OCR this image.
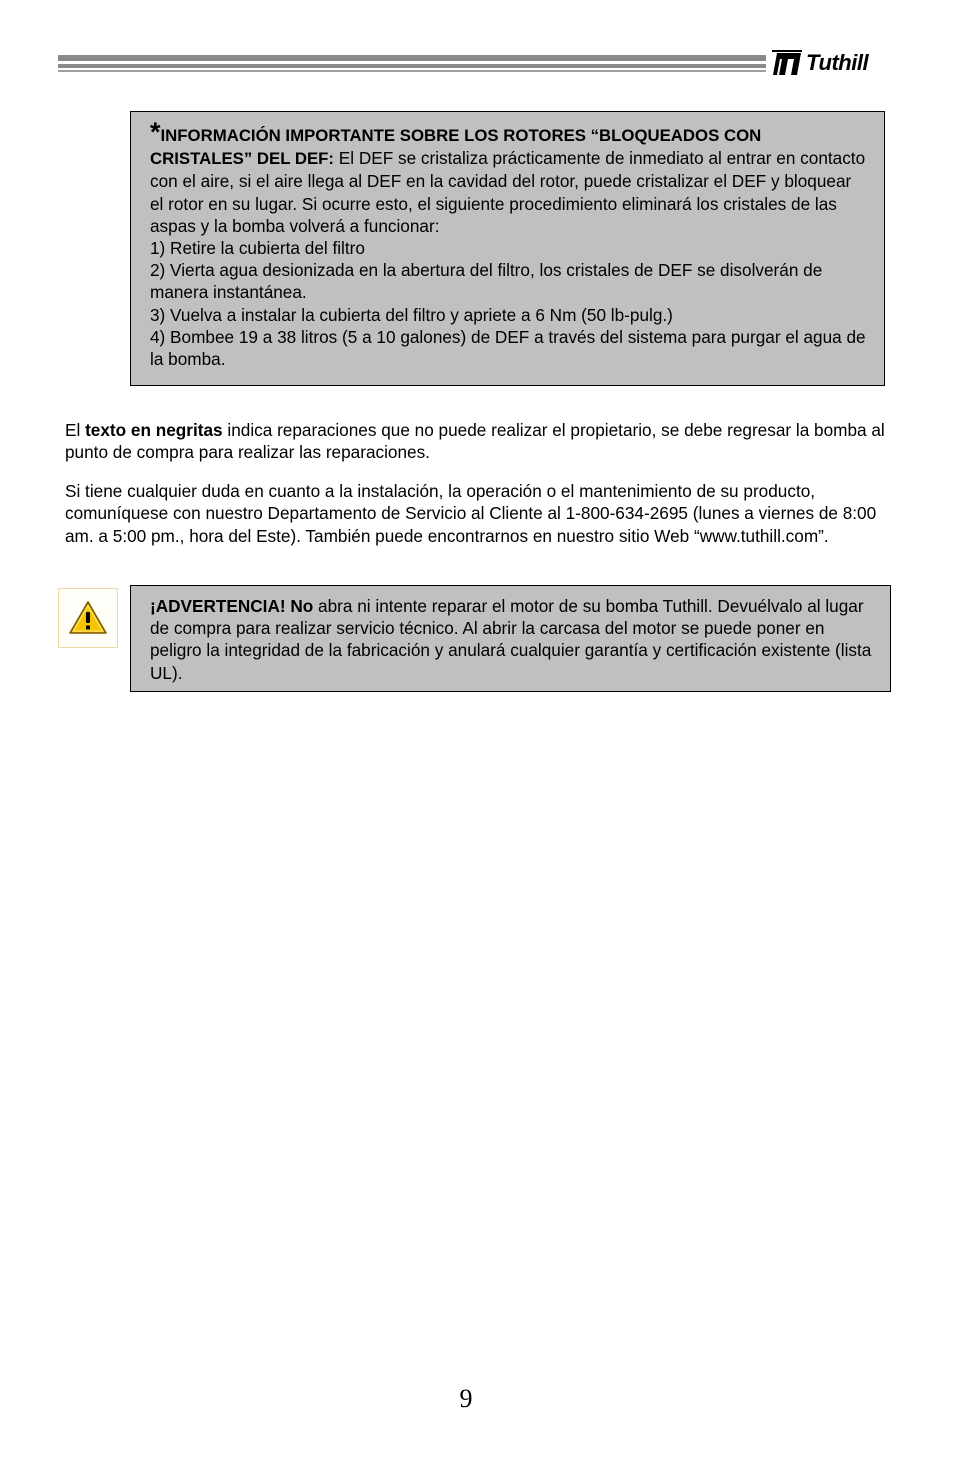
Tuthill
*INFORMACIÓN IMPORTANTE SOBRE LOS ROTORES “BLOQUEADOS CON CRISTALES” DEL DEF: El DEF se cristaliza prácticamente de inmediato al entrar en contacto con el aire, si el aire llega al DEF en la cavidad del rotor, puede cristalizar el DEF y bloquear el rotor en su lugar. Si ocurre esto, el siguiente procedimiento eliminará los cristales de las aspas y la bomba volverá a funcionar:
1) Retire la cubierta del filtro
2) Vierta agua desionizada en la abertura del filtro, los cristales de DEF se disolverán de manera instantánea.
3) Vuelva a instalar la cubierta del filtro y apriete a 6 Nm (50 lb-pulg.)
4) Bombee 19 a 38 litros (5 a 10 galones) de DEF a través del sistema para purgar el agua de la bomba.

El texto en negritas indica reparaciones que no puede realizar el propietario, se debe regresar la bomba al punto de compra para realizar las reparaciones.

Si tiene cualquier duda en cuanto a la instalación, la operación o el mantenimiento de su producto, comuníquese con nuestro Departamento de Servicio al Cliente al 1-800-634-2695 (lunes a viernes de 8:00 am. a 5:00 pm., hora del Este). También puede encontrarnos en nuestro sitio Web “www.tuthill.com”.

¡ADVERTENCIA! No abra ni intente reparar el motor de su bomba Tuthill. Devuélvalo al lugar de compra para realizar servicio técnico. Al abrir la carcasa del motor se puede poner en peligro la integridad de la fabricación y anulará cualquier garantía y certificación existente (lista UL).
9
